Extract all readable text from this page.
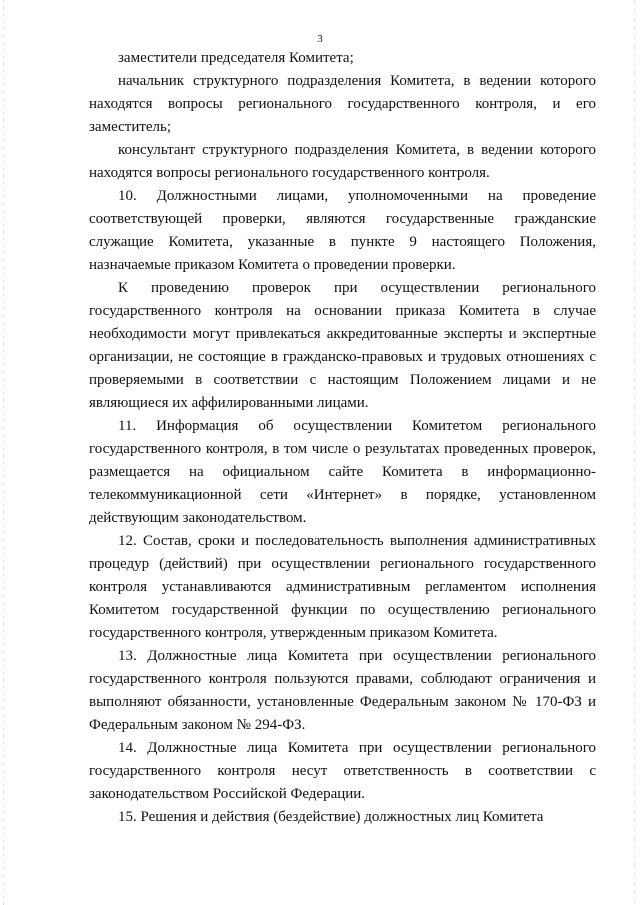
3

заместители председателя Комитета;

начальник структурного подразделения Комитета, в ведении которого находятся вопросы регионального государственного контроля, и его заместитель;

консультант структурного подразделения Комитета, в ведении которого находятся вопросы регионального государственного контроля.

10. Должностными лицами, уполномоченными на проведение соответствующей проверки, являются государственные гражданские служащие Комитета, указанные в пункте 9 настоящего Положения, назначаемые приказом Комитета о проведении проверки.

К проведению проверок при осуществлении регионального государственного контроля на основании приказа Комитета в случае необходимости могут привлекаться аккредитованные эксперты и экспертные организации, не состоящие в гражданско-правовых и трудовых отношениях с проверяемыми в соответствии с настоящим Положением лицами и не являющиеся их аффилированными лицами.

11. Информация об осуществлении Комитетом регионального государственного контроля, в том числе о результатах проведенных проверок, размещается на официальном сайте Комитета в информационно-телекоммуникационной сети «Интернет» в порядке, установленном действующим законодательством.

12. Состав, сроки и последовательность выполнения административных процедур (действий) при осуществлении регионального государственного контроля устанавливаются административным регламентом исполнения Комитетом государственной функции по осуществлению регионального государственного контроля, утвержденным приказом Комитета.

13. Должностные лица Комитета при осуществлении регионального государственного контроля пользуются правами, соблюдают ограничения и выполняют обязанности, установленные Федеральным законом № 170-ФЗ и Федеральным законом № 294-ФЗ.

14. Должностные лица Комитета при осуществлении регионального государственного контроля несут ответственность в соответствии с законодательством Российской Федерации.

15. Решения и действия (бездействие) должностных лиц Комитета
